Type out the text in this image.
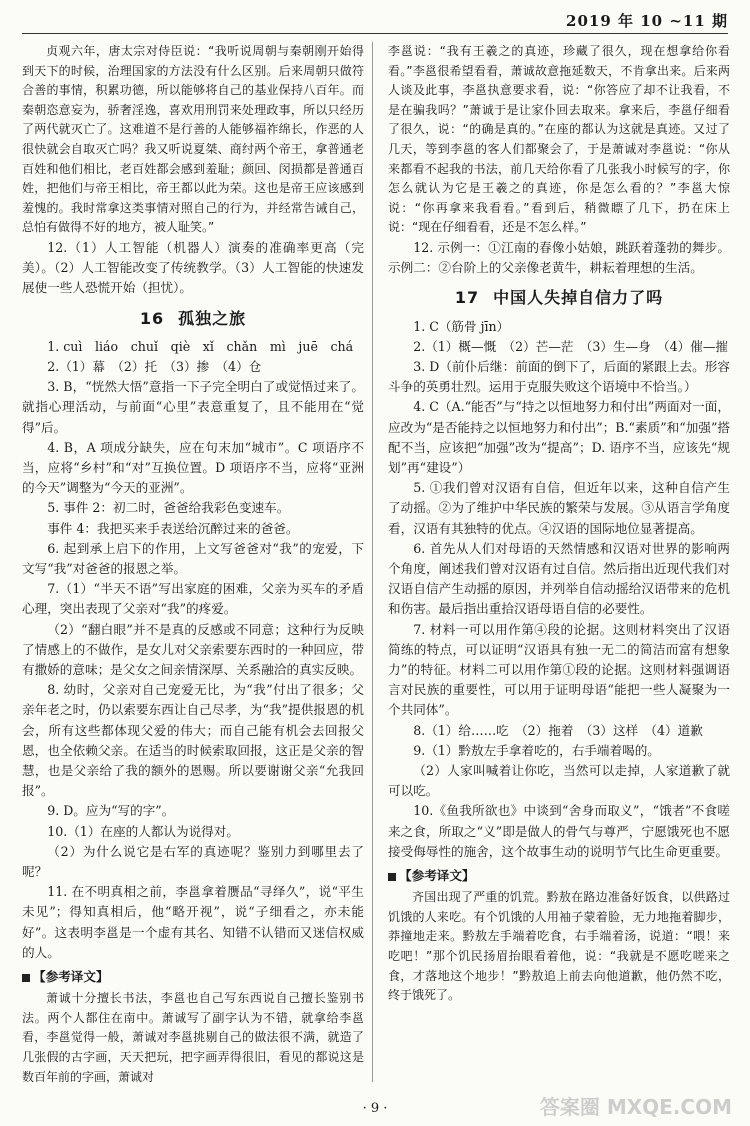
2019 年 10 ~11 期

贞观六年，唐太宗对侍臣说：“我听说周朝与秦朝刚开始得到天下的时候，治理国家的方法没有什么区别。后来周朝只做符合善的事情，积累功德，所以能够将自己的基业保持八百年。而秦朝恣意妄为，骄奢淫逸，喜欢用刑罚来处理政事，所以只经历了两代就灭亡了。这难道不是行善的人能够福祚绵长，作恶的人很快就会自取灭亡吗？我又听说夏桀、商纣两个帝王，拿普通老百姓和他们相比，老百姓都会感到羞耻；颜回、闵损都是普通百姓，把他们与帝王相比，帝王都以此为荣。这也是帝王应该感到羞愧的。我时常拿这类事情对照自己的行为，并经常告诫自己，总怕有做得不好的地方，被人耻笑。”

12.（1）人工智能（机器人）演奏的准确率更高（完美）。（2）人工智能改变了传统教学。（3）人工智能的快速发展使一些人恐慌开始（担忧）。

16 孤独之旅

1. cuì　liáo　chuǐ　qiè　xǐ　chǎn　mì　juē　chá

2.（1）幕　（2）托　（3）掺　（4）仓

3. B，“恍然大悟”意指一下子完全明白了或觉悟过来了。就指心理活动，与前面“心里”表意重复了，且不能用在“觉得”后。

4. B，A 项成分缺失，应在句末加“城市”。C 项语序不当，应将“乡村”和“对”互换位置。D 项语序不当，应将“亚洲的今天”调整为“今天的亚洲”。

5. 事件 2：初二时，爸爸给我彩色变速车。

事件 4：我把买来手表送给沉醉过来的爸爸。

6. 起到承上启下的作用，上文写爸爸对“我”的宠爱，下文写“我”对爸爸的报恩之举。

7.（1）“半天不语”写出家庭的困难，父亲为买车的矛盾心理，突出表现了父亲对“我”的疼爱。

（2）“翻白眼”并不是真的反感或不同意；这种行为反映了情感上的不做作，是女儿对父亲索要东西时的一种回应，带有撒娇的意味；是父女之间亲情深厚、关系融洽的真实反映。

8. 幼时，父亲对自己宠爱无比，为“我”付出了很多；父亲年老之时，仍以索要东西让自己尽孝，为“我”提供报恩的机会，所有这些都体现父爱的伟大；而自己能有机会去回报父恩，也全依赖父亲。在适当的时候索取回报，这正是父亲的智慧，也是父亲给了我的额外的恩赐。所以要谢谢父亲“允我回报”。

9. D。应为“写的字”。

10.（1）在座的人都认为说得对。

（2）为什么说它是右军的真迹呢？鉴别力到哪里去了呢？

11. 在不明真相之前，李邕拿着赝品“寻绎久”，说“平生未见”；得知真相后，他“略开视”，说“子细看之，亦未能好”。这表明李邕是一个虚有其名、知错不认错而又迷信权威的人。

【参考译文】

萧诚十分擅长书法，李邕也自己写东西说自己擅长鉴别书法。两个人都住在南中。萧诚写了副字认为不错，就拿给李邕看，李邕觉得一般，萧诚对李邕挑剔自己的做法很不满，就造了几张假的古字画，天天把玩，把字画弄得很旧，看见的都说这是数百年前的字画，萧诚对

李邕说：“我有王羲之的真迹，珍藏了很久，现在想拿给你看看。”李邕很希望看看，萧诚故意拖延数天，不肯拿出来。后来两人谈及此事，李邕执意要求看，说：“你答应了却不让我看，不是在骗我吗？”萧诚于是让家仆回去取来。拿来后，李邕仔细看了很久，说：“的确是真的。”在座的都认为这就是真迹。又过了几天，等到李邕的客人们都聚会了，于是萧诚对李邕说：“你从来都看不起我的书法，前几天给你看了几张我小时候写的字，你怎么就认为它是王羲之的真迹，你是怎么看的？”李邕大惊说：“你再拿来我看看。”看到后，稍微瞟了几下，扔在床上说：“现在仔细看看，还是不怎么样。”

12. 示例一：①江南的春像小姑娘，跳跃着蓬勃的舞步。示例二：②台阶上的父亲像老黄牛，耕耘着理想的生活。

17 中国人失掉自信力了吗

1. C（筋骨 jīn）

2.（1）概—慨　（2）芒—茫　（3）生—身　（4）催—摧

3. D（前仆后继：前面的倒下了，后面的紧跟上去。形容斗争的英勇壮烈。运用于克服失败这个语境中不恰当。）

4. C（A.“能否”与“持之以恒地努力和付出”两面对一面，应改为“是否能持之以恒地努力和付出”；B.“素质”和“加强”搭配不当，应该把“加强”改为“提高”；D. 语序不当，应该先“规划”再“建设”）

5. ①我们曾对汉语有自信，但近年以来，这种自信产生了动摇。②为了维护中华民族的繁荣与发展。③从语言学角度看，汉语有其独特的优点。④汉语的国际地位显著提高。

6. 首先从人们对母语的天然情感和汉语对世界的影响两个角度，阐述我们曾对汉语有过自信。然后指出近现代我们对汉语自信产生动摇的原因，并列举自信动摇给汉语带来的危机和伤害。最后指出重拾汉语母语自信的必要性。

7. 材料一可以用作第④段的论据。这则材料突出了汉语简练的特点，可以证明“汉语具有独一无二的简洁而富有想象力”的特征。材料二可以用作第①段的论据。这则材料强调语言对民族的重要性，可以用于证明母语“能把一些人凝聚为一个共同体”。

8.（1）给……吃　（2）拖着　（3）这样　（4）道歉

9.（1）黔敖左手拿着吃的，右手端着喝的。

（2）人家叫喊着让你吃，当然可以走掉，人家道歉了就可以吃。

10.《鱼我所欲也》中谈到“舍身而取义”，“饿者”不食嗟来之食，所取之“义”即是做人的骨气与尊严，宁愿饿死也不愿接受侮辱性的施舍，这个故事生动的说明节气比生命更重要。

【参考译文】

齐国出现了严重的饥荒。黔敖在路边准备好饭食，以供路过饥饿的人来吃。有个饥饿的人用袖子蒙着脸，无力地拖着脚步，莽撞地走来。黔敖左手端着吃食，右手端着汤，说道：“喂！来吃吧！”那个饥民扬眉抬眼看着他，说：“我就是不愿吃嗟来之食，才落地这个地步！”黔敖追上前去向他道歉，他仍然不吃，终于饿死了。

· 9 ·	答案圈 MXQE.COM
